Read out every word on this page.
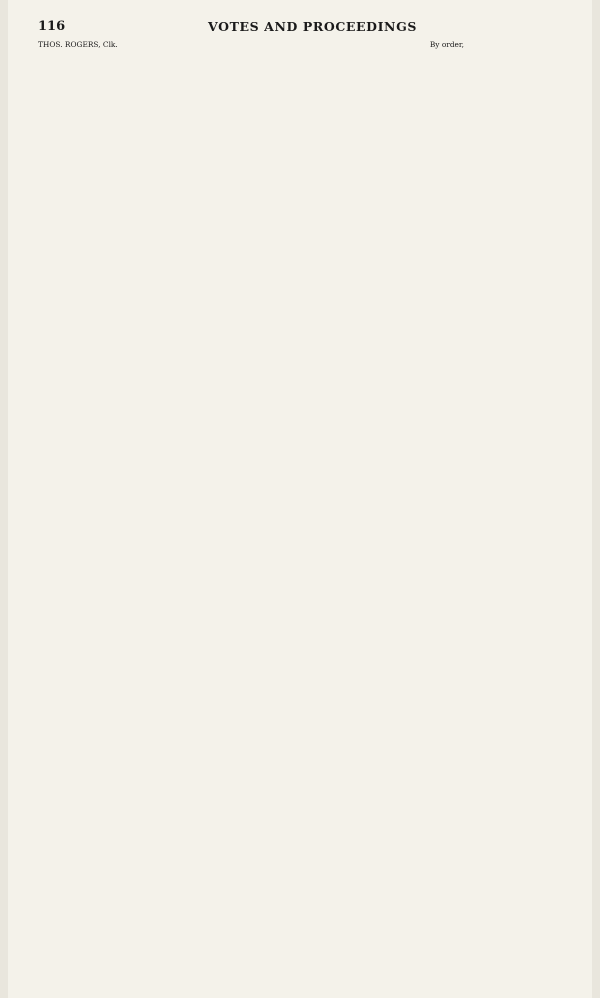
116	VOTES AND PROCEEDINGS
THOS. ROGERS, Clk.	By order,
